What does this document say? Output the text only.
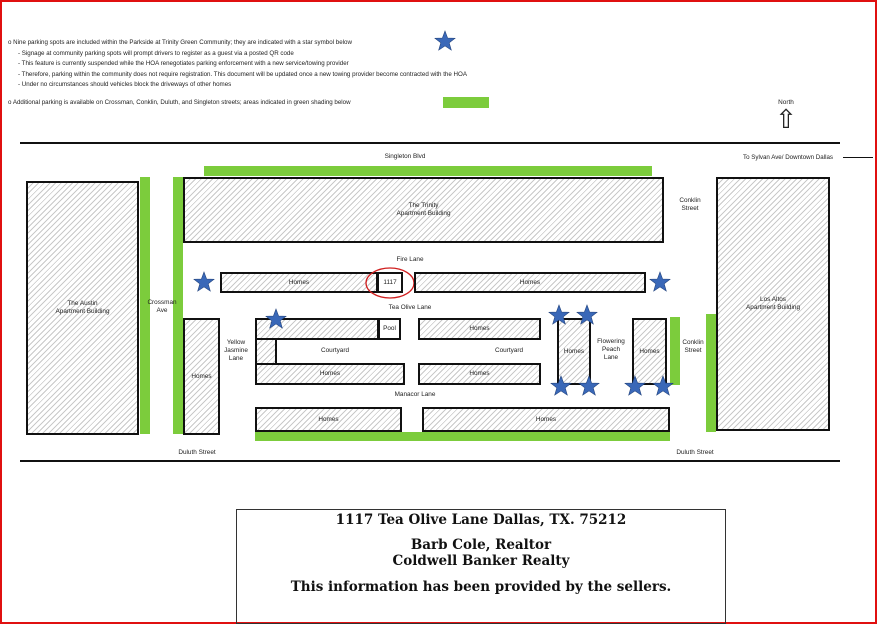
o Nine parking spots are included within the Parkside at Trinity Green Community; they are indicated with a star symbol below
- Signage at community parking spots will prompt drivers to register as a guest via a posted QR code
- This feature is currently suspended while the HOA renegotiates parking enforcement with a new service/towing provider
- Therefore, parking within the community does not require registration. This document will be updated once a new towing provider become contracted with the HOA
- Under no circumstances should vehicles block the driveways of other homes
o Additional parking is available on Crossman, Conklin, Duluth, and Singleton streets; areas indicated in green shading below	North
⇧
Singleton Blvd	To Sylvan Ave/ Downtown Dallas
The Austin
Apartment Building
The Trinity
Apartment Building
Los Altos
Apartment Building
Conklin
Street
Conklin
Street
Crossman
Ave
Fire Lane
Tea Olive Lane
Yellow
Jasmine
Lane
Flowering
Peach
Lane
Manacor Lane
Duluth Street	Duluth Street
Homes	1117	Homes
Homes
Pool
Homes
Courtyard
Homes
Homes
Courtyard	Homes	Homes
Homes	Homes
1117 Tea Olive Lane Dallas, TX. 75212
Barb Cole, Realtor
Coldwell Banker Realty
This information has been provided by the sellers.
